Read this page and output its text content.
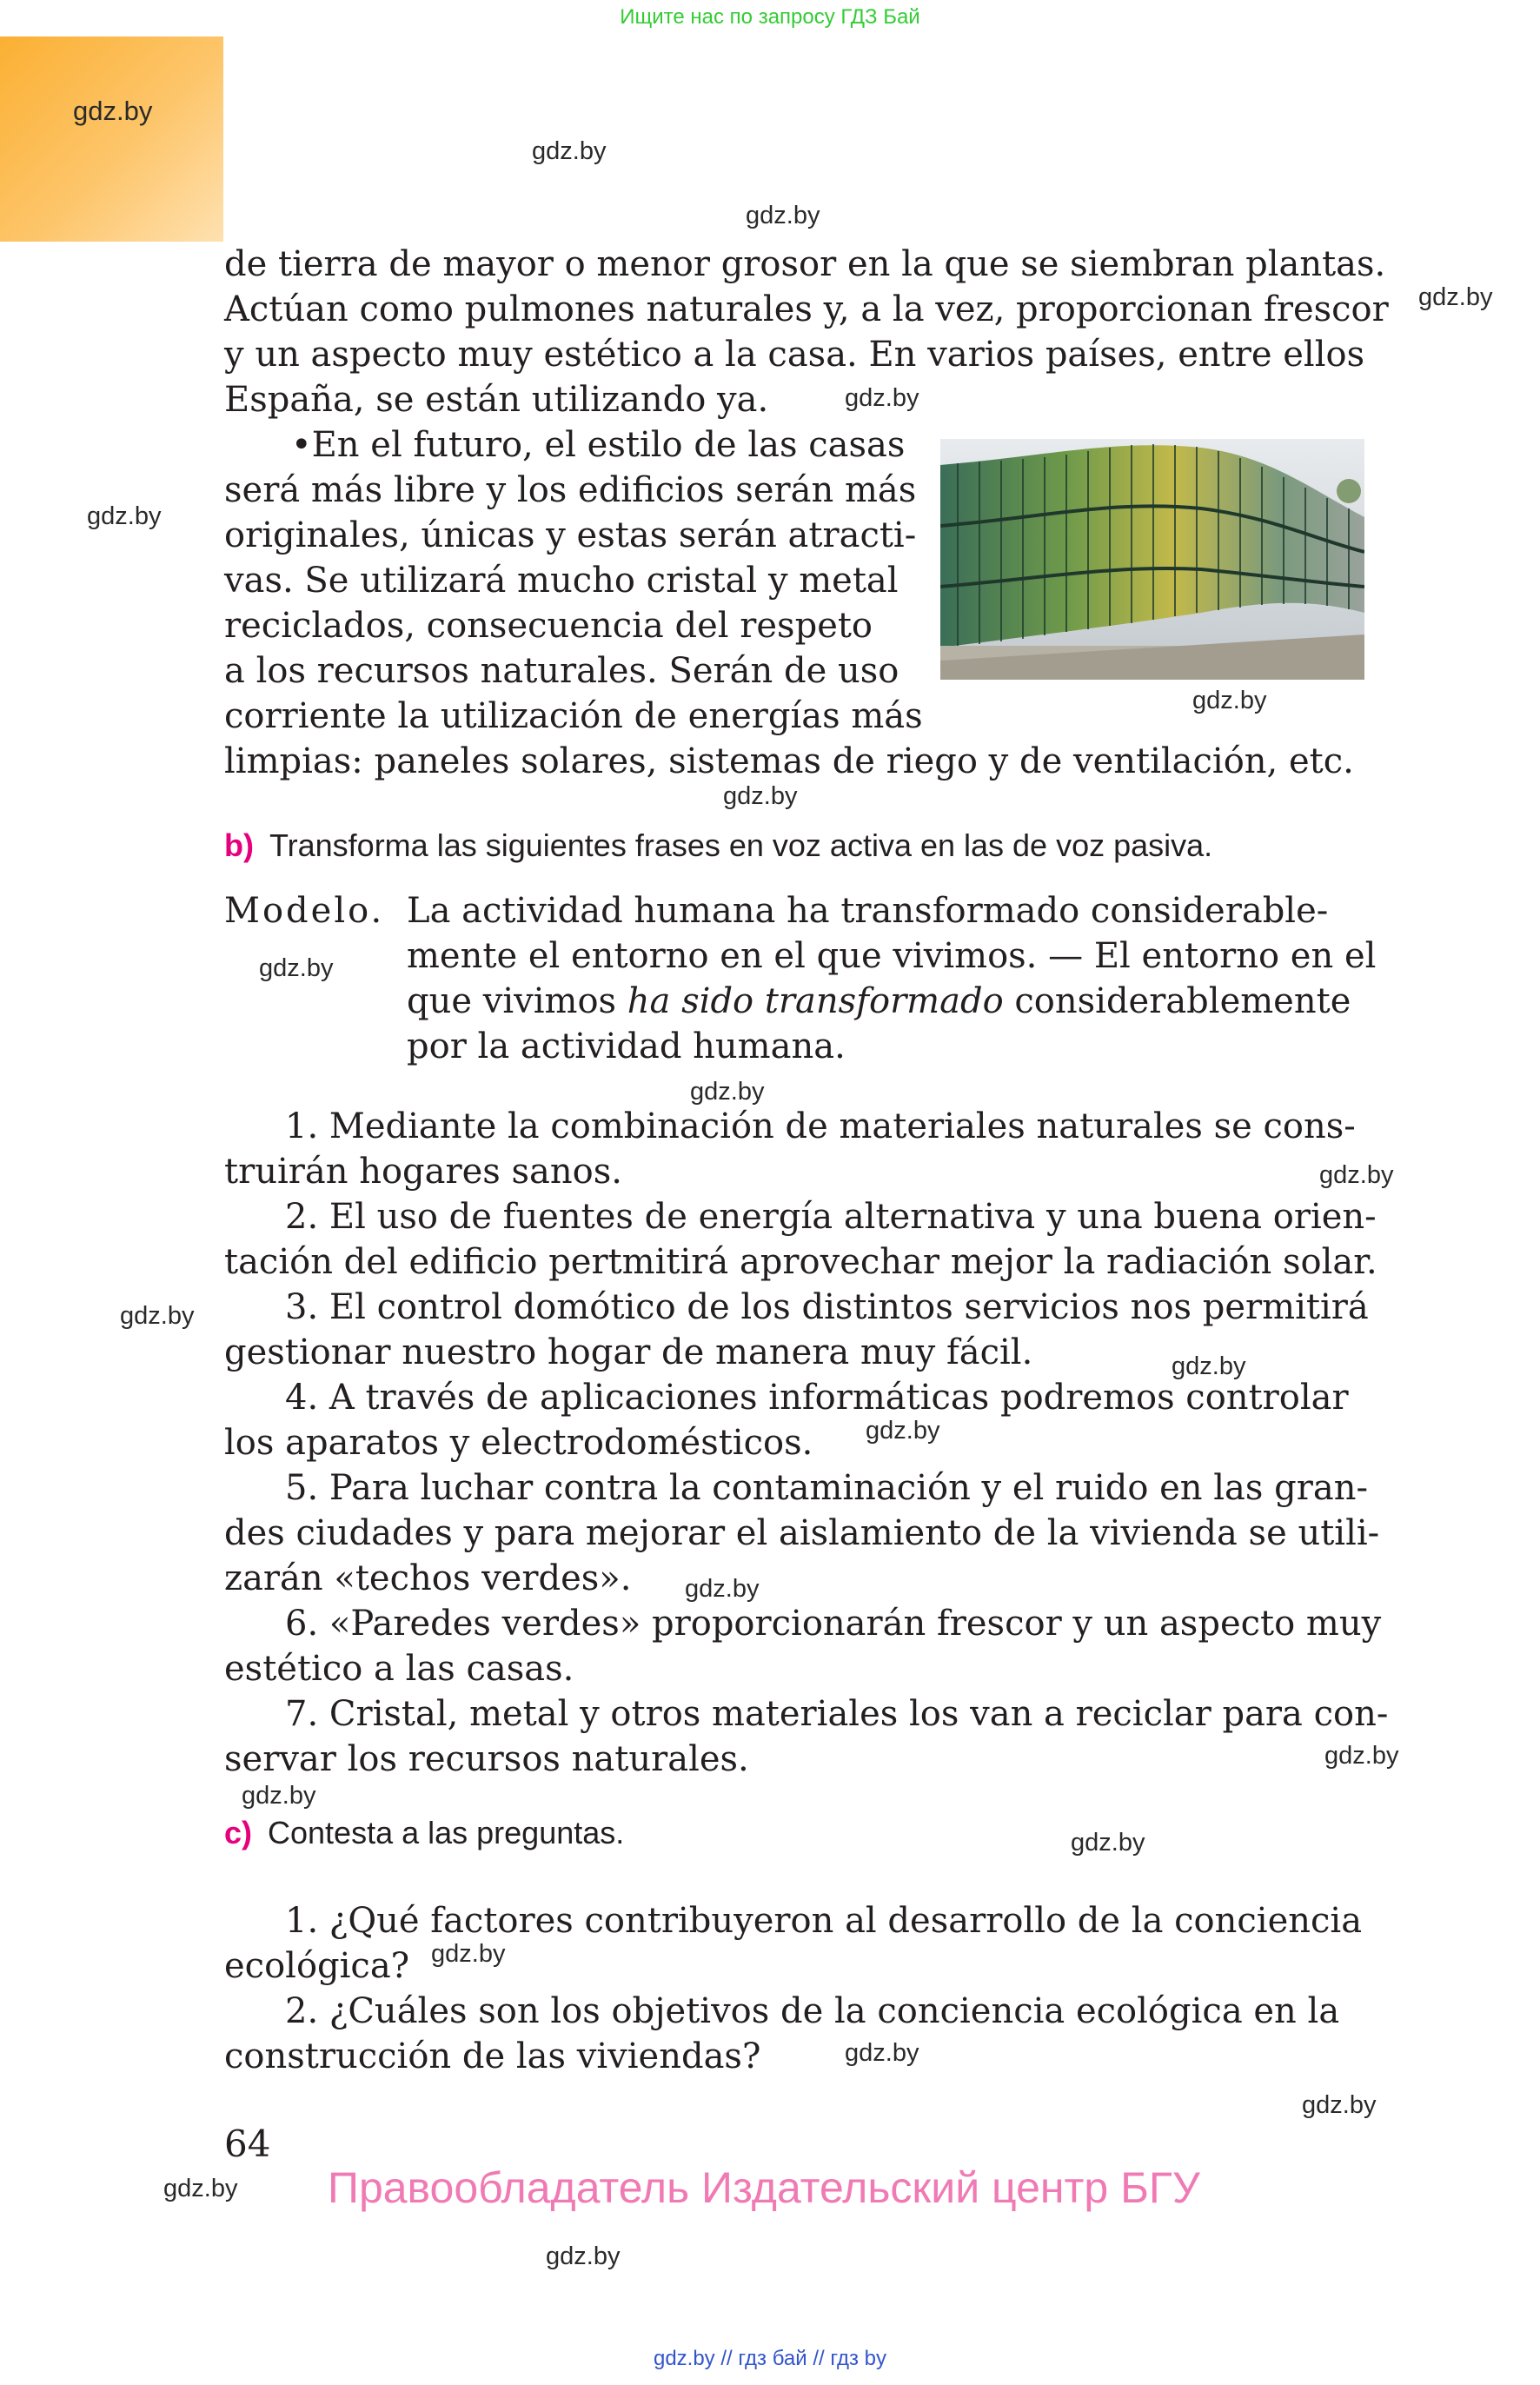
Ищите нас по запросу ГДЗ Бай
gdz.by
de tierra de mayor o menor grosor en la que se siembran plantas.
Actúan como pulmones naturales y, a la vez, proporcionan frescor
y un aspecto muy estético a la casa. En varios países, entre ellos
España, se están utilizando ya.
•En el futuro, el estilo de las casas
será más libre y los edificios serán más
originales, únicas y estas serán atracti-
vas. Se utilizará mucho cristal y metal
reciclados, consecuencia del respeto
a los recursos naturales. Serán de uso
corriente la utilización de energías más
limpias: paneles solares, sistemas de riego y de ventilación, etc.
b) Transforma las siguientes frases en voz activa en las de voz pasiva.
Modelo. La actividad humana ha transformado considerable-
mente el entorno en el que vivimos. — El entorno en el
que vivimos ha sido transformado considerablemente
por la actividad humana.
1. Mediante la combinación de materiales naturales se cons-
truirán hogares sanos.
2. El uso de fuentes de energía alternativa y una buena orien-
tación del edificio pertmitirá aprovechar mejor la radiación solar.
3. El control domótico de los distintos servicios nos permitirá
gestionar nuestro hogar de manera muy fácil.
4. A través de aplicaciones informáticas podremos controlar
los aparatos y electrodomésticos.
5. Para luchar contra la contaminación y el ruido en las gran-
des ciudades y para mejorar el aislamiento de la vivienda se utili-
zarán «techos verdes».
6. «Paredes verdes» proporcionarán frescor y un aspecto muy
estético a las casas.
7. Cristal, metal y otros materiales los van a reciclar para con-
servar los recursos naturales.
c) Contesta a las preguntas.
1. ¿Qué factores contribuyeron al desarrollo de la conciencia
ecológica?
2. ¿Cuáles son los objetivos de la conciencia ecológica en la
construcción de las viviendas?
64
Правообладатель Издательский центр БГУ
gdz.by
gdz.by
gdz.by
gdz.by
gdz.by
gdz.by
gdz.by
gdz.by
gdz.by
gdz.by
gdz.by
gdz.by
gdz.by
gdz.by
gdz.by
gdz.by
gdz.by
gdz.by
gdz.by
gdz.by
gdz.by
gdz.by
gdz.by // гдз бай // гдз by
